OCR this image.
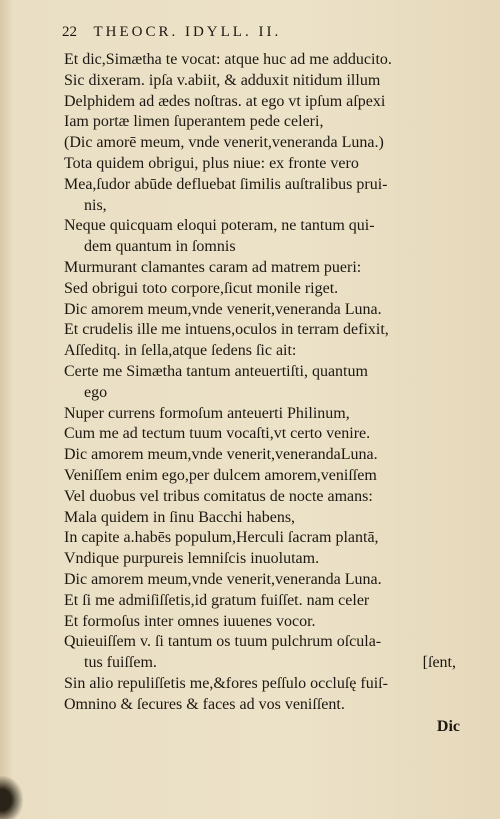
22 THEOCR. IDYLL. II.
Et dic,Simætha te vocat: atque huc ad me adducito.
Sic dixeram. ipſa v.abiit, & adduxit nitidum illum
Delphidem ad ædes noſtras. at ego vt ipſum aſpexi
Iam portæ limen ſuperantem pede celeri,
(Dic amorē meum, vnde venerit,veneranda Luna.)
Tota quidem obrigui, plus niue: ex fronte vero
Mea,ſudor abūde defluebat ſimilis auſtralibus prui-
nis,
Neque quicquam eloqui poteram, ne tantum qui-
dem quantum in ſomnis
Murmurant clamantes caram ad matrem pueri:
Sed obrigui toto corpore,ſicut monile riget.
Dic amorem meum,vnde venerit,veneranda Luna.
Et crudelis ille me intuens,oculos in terram defixit,
Aſſeditq. in ſella,atque ſedens ſic ait:
Certe me Simætha tantum anteuertiſti, quantum
ego
Nuper currens formoſum anteuerti Philinum,
Cum me ad tectum tuum vocaſti,vt certo venire.
Dic amorem meum,vnde venerit,venerandaLuna.
Veniſſem enim ego,per dulcem amorem,veniſſem
Vel duobus vel tribus comitatus de nocte amans:
Mala quidem in ſinu Bacchi habens,
In capite a.habēs populum,Herculi ſacram plantā,
Vndique purpureis lemniſcis inuolutam.
Dic amorem meum,vnde venerit,veneranda Luna.
Et ſi me admiſiſſetis,id gratum fuiſſet. nam celer
Et formoſus inter omnes iuuenes vocor.
Quieuiſſem v. ſi tantum os tuum pulchrum oſcula-
tus fuiſſem.	[ſent,
Sin alio repuliſſetis me,&fores peſſulo occluſę fuiſ-
Omnino & ſecures & faces ad vos veniſſent.
Dic
